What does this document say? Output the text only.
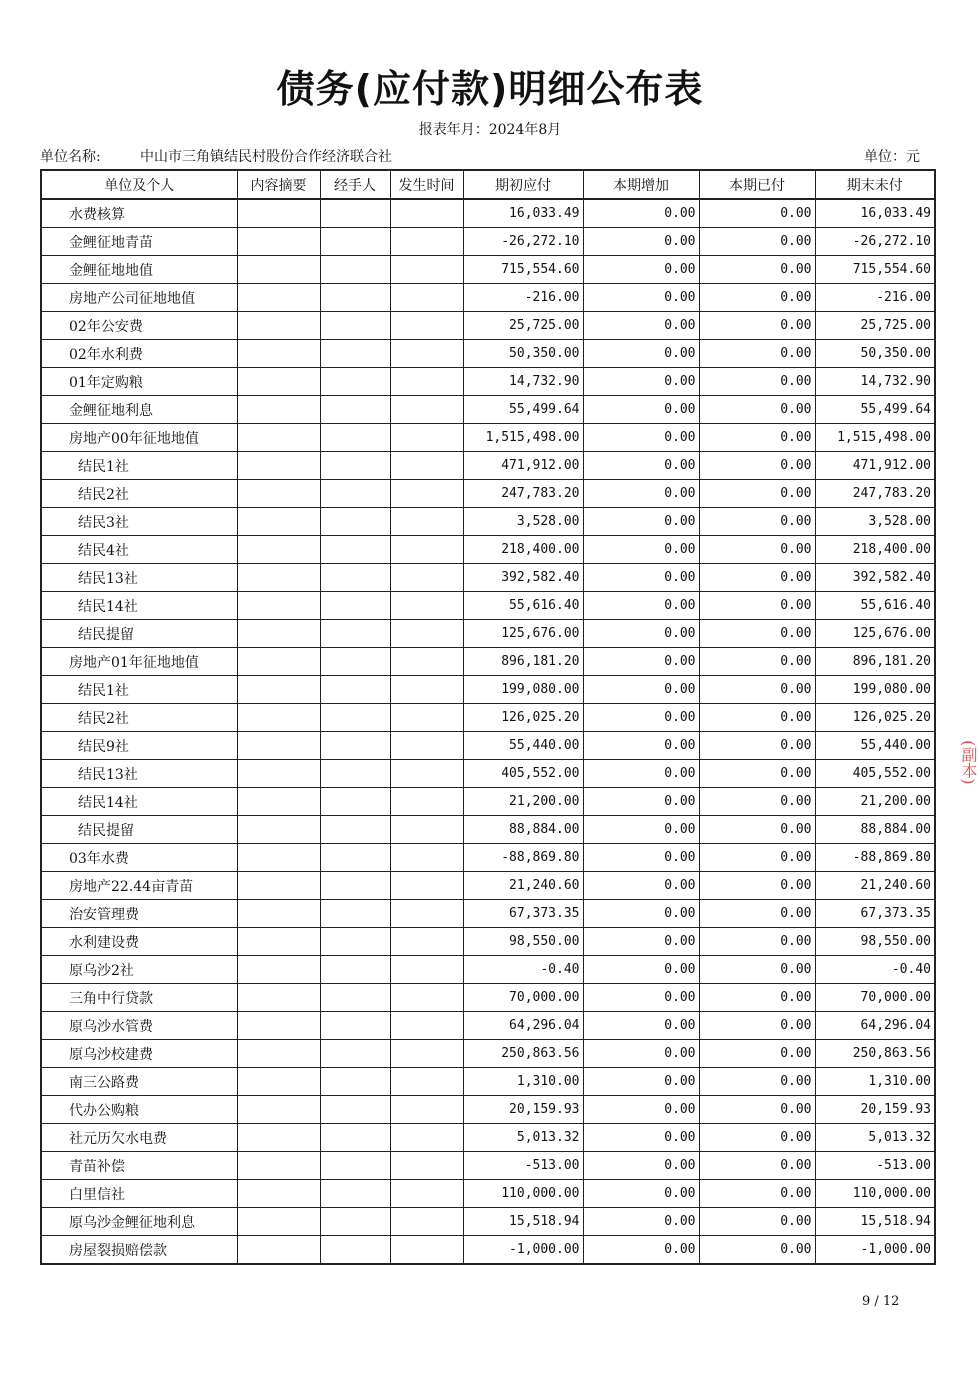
债务(应付款)明细公布表
报表年月：2024年8月
单位名称:	中山市三角镇结民村股份合作经济联合社	单位：元
单位及个人	内容摘要	经手人	发生时间	期初应付	本期增加	本期已付	期末未付
水费核算				16,033.49	0.00	0.00	16,033.49
金鲤征地青苗				-26,272.10	0.00	0.00	-26,272.10
金鲤征地地值				715,554.60	0.00	0.00	715,554.60
房地产公司征地地值				-216.00	0.00	0.00	-216.00
02年公安费				25,725.00	0.00	0.00	25,725.00
02年水利费				50,350.00	0.00	0.00	50,350.00
01年定购粮				14,732.90	0.00	0.00	14,732.90
金鲤征地利息				55,499.64	0.00	0.00	55,499.64
房地产00年征地地值				1,515,498.00	0.00	0.00	1,515,498.00
结民1社				471,912.00	0.00	0.00	471,912.00
结民2社				247,783.20	0.00	0.00	247,783.20
结民3社				3,528.00	0.00	0.00	3,528.00
结民4社				218,400.00	0.00	0.00	218,400.00
结民13社				392,582.40	0.00	0.00	392,582.40
结民14社				55,616.40	0.00	0.00	55,616.40
结民提留				125,676.00	0.00	0.00	125,676.00
房地产01年征地地值				896,181.20	0.00	0.00	896,181.20
结民1社				199,080.00	0.00	0.00	199,080.00
结民2社				126,025.20	0.00	0.00	126,025.20
结民9社				55,440.00	0.00	0.00	55,440.00
结民13社				405,552.00	0.00	0.00	405,552.00
结民14社				21,200.00	0.00	0.00	21,200.00
结民提留				88,884.00	0.00	0.00	88,884.00
03年水费				-88,869.80	0.00	0.00	-88,869.80
房地产22.44亩青苗				21,240.60	0.00	0.00	21,240.60
治安管理费				67,373.35	0.00	0.00	67,373.35
水利建设费				98,550.00	0.00	0.00	98,550.00
原乌沙2社				-0.40	0.00	0.00	-0.40
三角中行贷款				70,000.00	0.00	0.00	70,000.00
原乌沙水管费				64,296.04	0.00	0.00	64,296.04
原乌沙校建费				250,863.56	0.00	0.00	250,863.56
南三公路费				1,310.00	0.00	0.00	1,310.00
代办公购粮				20,159.93	0.00	0.00	20,159.93
社元历欠水电费				5,013.32	0.00	0.00	5,013.32
青苗补偿				-513.00	0.00	0.00	-513.00
白里信社				110,000.00	0.00	0.00	110,000.00
原乌沙金鲤征地利息				15,518.94	0.00	0.00	15,518.94
房屋裂损赔偿款				-1,000.00	0.00	0.00	-1,000.00
9 / 12
(副本)
